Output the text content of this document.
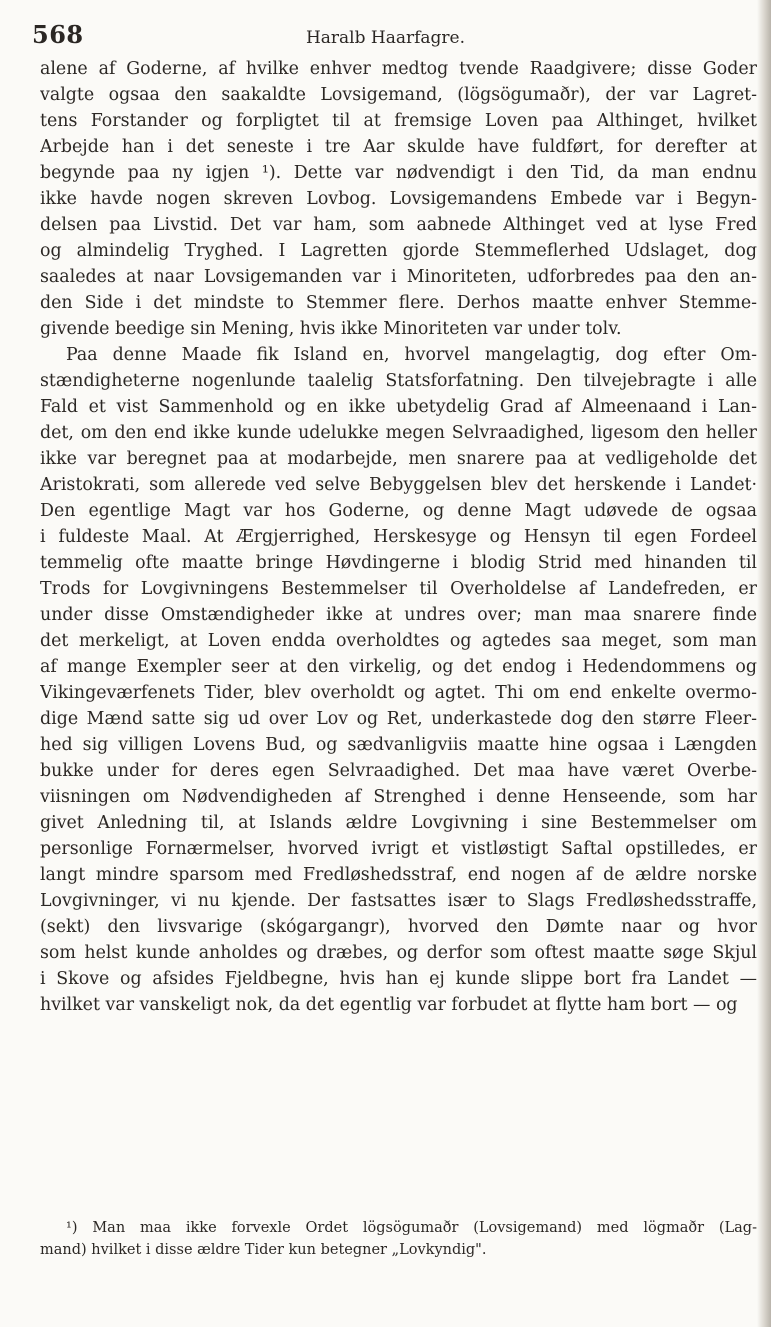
568	Haralb Haarfagre.
alene af Goderne, af hvilke enhver medtog tvende Raadgivere; disse Goder
valgte ogsaa den saakaldte Lovsigemand, (lögsögumaðr), der var Lagret-
tens Forstander og forpligtet til at fremsige Loven paa Althinget, hvilket
Arbejde han i det seneste i tre Aar skulde have fuldført, for derefter at
begynde paa ny igjen ¹). Dette var nødvendigt i den Tid, da man endnu
ikke havde nogen skreven Lovbog. Lovsigemandens Embede var i Begyn-
delsen paa Livstid. Det var ham, som aabnede Althinget ved at lyse Fred
og almindelig Tryghed. I Lagretten gjorde Stemmeflerhed Udslaget, dog
saaledes at naar Lovsigemanden var i Minoriteten, udforbredes paa den an-
den Side i det mindste to Stemmer flere. Derhos maatte enhver Stemme-
givende beedige sin Mening, hvis ikke Minoriteten var under tolv.
Paa denne Maade fik Island en, hvorvel mangelagtig, dog efter Om-
stændigheterne nogenlunde taalelig Statsforfatning. Den tilvejebragte i alle
Fald et vist Sammenhold og en ikke ubetydelig Grad af Almeenaand i Lan-
det, om den end ikke kunde udelukke megen Selvraadighed, ligesom den heller
ikke var beregnet paa at modarbejde, men snarere paa at vedligeholde det
Aristokrati, som allerede ved selve Bebyggelsen blev det herskende i Landet·
Den egentlige Magt var hos Goderne, og denne Magt udøvede de ogsaa
i fuldeste Maal. At Ærgjerrighed, Herskesyge og Hensyn til egen Fordeel
temmelig ofte maatte bringe Høvdingerne i blodig Strid med hinanden til
Trods for Lovgivningens Bestemmelser til Overholdelse af Landefreden, er
under disse Omstændigheder ikke at undres over; man maa snarere finde
det merkeligt, at Loven endda overholdtes og agtedes saa meget, som man
af mange Exempler seer at den virkelig, og det endog i Hedendommens og
Vikingeværfenets Tider, blev overholdt og agtet. Thi om end enkelte overmo-
dige Mænd satte sig ud over Lov og Ret, underkastede dog den større Fleer-
hed sig villigen Lovens Bud, og sædvanligviis maatte hine ogsaa i Længden
bukke under for deres egen Selvraadighed. Det maa have været Overbe-
viisningen om Nødvendigheden af Strenghed i denne Henseende, som har
givet Anledning til, at Islands ældre Lovgivning i sine Bestemmelser om
personlige Fornærmelser, hvorved ivrigt et vistløstigt Saftal opstilledes, er
langt mindre sparsom med Fredløshedsstraf, end nogen af de ældre norske
Lovgivninger, vi nu kjende. Der fastsattes især to Slags Fredløshedsstraffe,
(sekt) den livsvarige (skógargangr), hvorved den Dømte naar og hvor
som helst kunde anholdes og dræbes, og derfor som oftest maatte søge Skjul
i Skove og afsides Fjeldbegne, hvis han ej kunde slippe bort fra Landet —
hvilket var vanskeligt nok, da det egentlig var forbudet at flytte ham bort — og
¹) Man maa ikke forvexle Ordet lögsögumaðr (Lovsigemand) med lögmaðr (Lag-
mand) hvilket i disse ældre Tider kun betegner „Lovkyndig".
